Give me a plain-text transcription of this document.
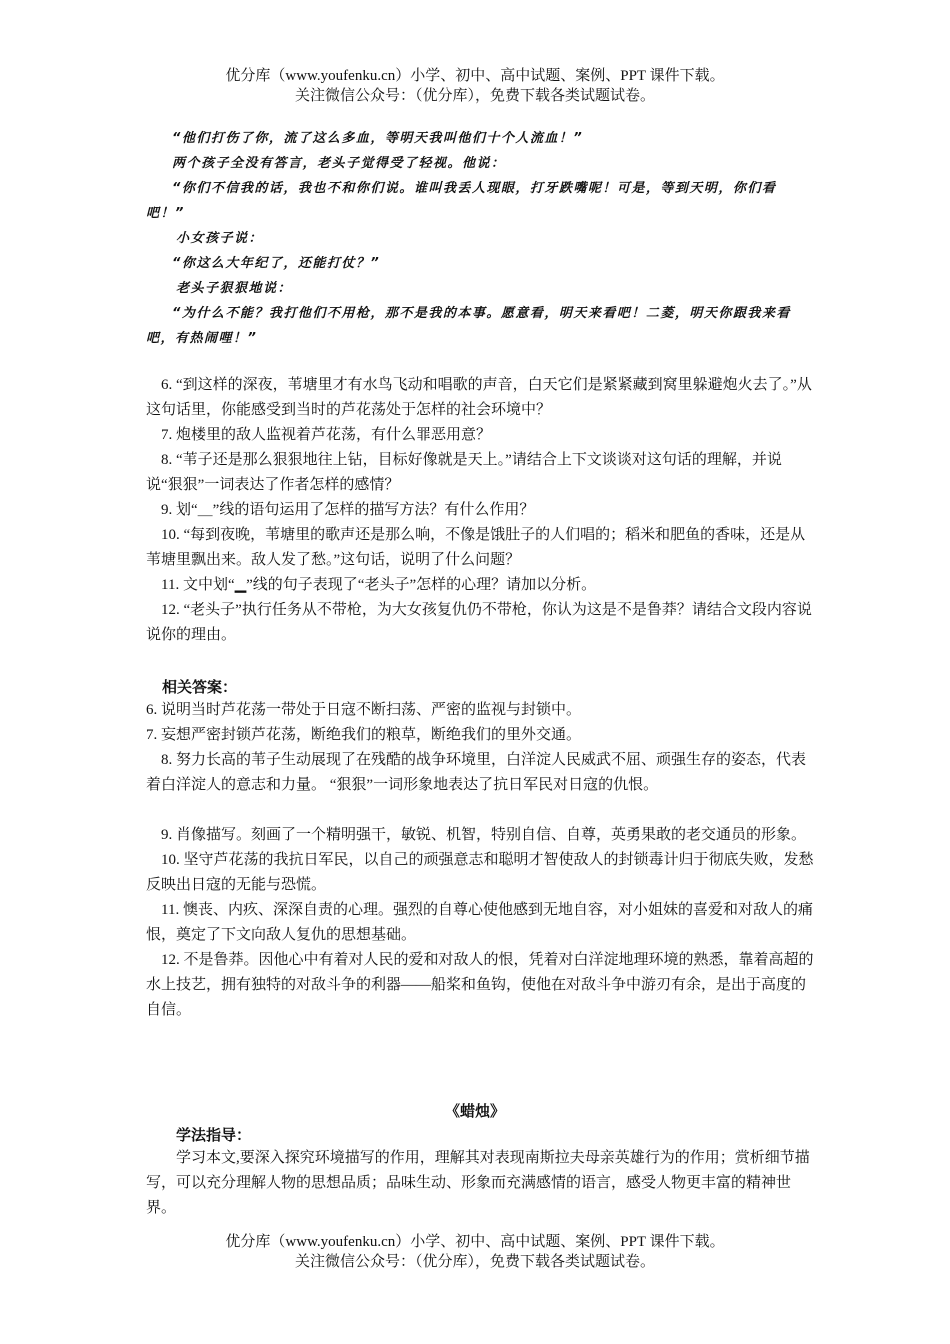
优分库（www.youfenku.cn）小学、初中、高中试题、案例、PPT 课件下载。
关注微信公众号：（优分库），免费下载各类试题试卷。

“他们打伤了你，流了这么多血，等明天我叫他们十个人流血！”

两个孩子全没有答言，老头子觉得受了轻视。他说：

“你们不信我的话，我也不和你们说。谁叫我丢人现眼，打牙跌嘴呢！可是，等到天明，你们看吧！”

小女孩子说：

“你这么大年纪了，还能打仗？”

老头子狠狠地说：

“为什么不能？我打他们不用枪，那不是我的本事。愿意看，明天来看吧！二菱，明天你跟我来看吧，有热闹哩！”

6. “到这样的深夜，苇塘里才有水鸟飞动和唱歌的声音，白天它们是紧紧藏到窝里躲避炮火去了。”从这句话里，你能感受到当时的芦花荡处于怎样的社会环境中？

7. 炮楼里的敌人监视着芦花荡，有什么罪恶用意？

8. “苇子还是那么狠狠地往上钻，目标好像就是天上。”请结合上下文谈谈对这句话的理解，并说说“狠狠”一词表达了作者怎样的感情？

9. 划“＿”线的语句运用了怎样的描写方法？有什么作用？

10. “每到夜晚，苇塘里的歌声还是那么响，不像是饿肚子的人们唱的；稻米和肥鱼的香味，还是从苇塘里飘出来。敌人发了愁。”这句话，说明了什么问题？

11. 文中划“▁”线的句子表现了“老头子”怎样的心理？请加以分析。

12. “老头子”执行任务从不带枪，为大女孩复仇仍不带枪，你认为这是不是鲁莽？请结合文段内容说说你的理由。

相关答案：

6. 说明当时芦花荡一带处于日寇不断扫荡、严密的监视与封锁中。

7. 妄想严密封锁芦花荡，断绝我们的粮草，断绝我们的里外交通。

8. 努力长高的苇子生动展现了在残酷的战争环境里，白洋淀人民威武不屈、顽强生存的姿态，代表着白洋淀人的意志和力量。 “狠狠”一词形象地表达了抗日军民对日寇的仇恨。

9. 肖像描写。刻画了一个精明强干，敏锐、机智，特别自信、自尊，英勇果敢的老交通员的形象。

10. 坚守芦花荡的我抗日军民，以自己的顽强意志和聪明才智使敌人的封锁毒计归于彻底失败，发愁反映出日寇的无能与恐慌。

11. 懊丧、内疚、深深自责的心理。强烈的自尊心使他感到无地自容，对小姐妹的喜爱和对敌人的痛恨，奠定了下文向敌人复仇的思想基础。

12. 不是鲁莽。因他心中有着对人民的爱和对敌人的恨，凭着对白洋淀地理环境的熟悉，靠着高超的水上技艺，拥有独特的对敌斗争的利器——船桨和鱼钩，使他在对敌斗争中游刃有余，是出于高度的自信。

《蜡烛》
学法指导：

学习本文,要深入探究环境描写的作用，理解其对表现南斯拉夫母亲英雄行为的作用；赏析细节描写，可以充分理解人物的思想品质；品味生动、形象而充满感情的语言，感受人物更丰富的精神世界。

优分库（www.youfenku.cn）小学、初中、高中试题、案例、PPT 课件下载。
关注微信公众号：（优分库），免费下载各类试题试卷。
